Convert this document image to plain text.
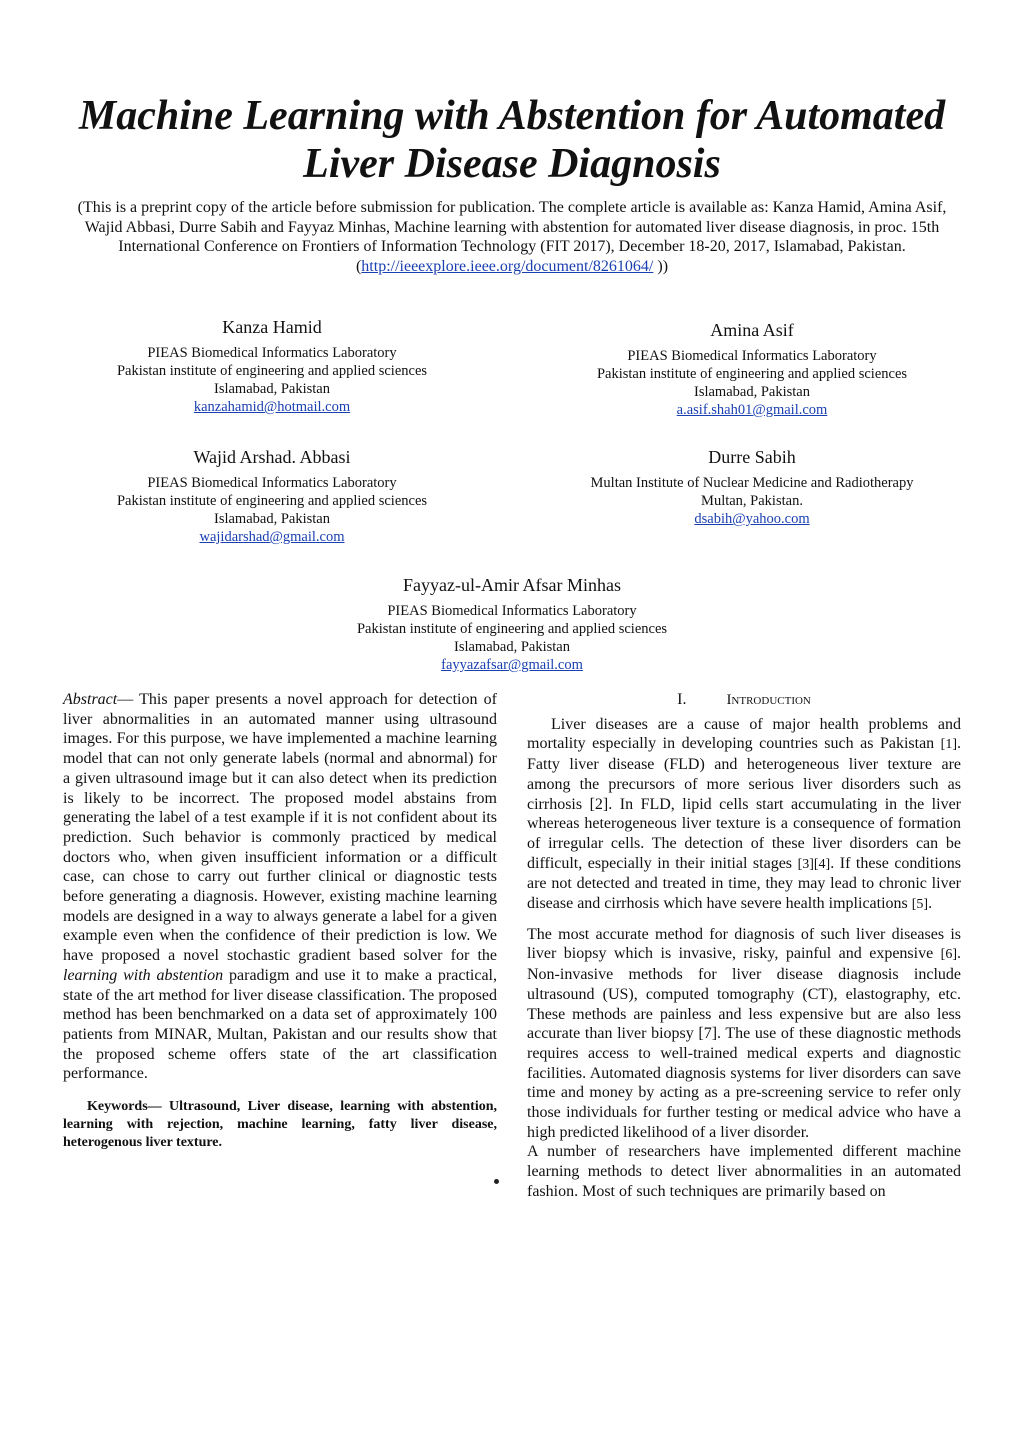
Machine Learning with Abstention for Automated
Liver Disease Diagnosis
(This is a preprint copy of the article before submission for publication. The complete article is available as: Kanza Hamid, Amina Asif, Wajid Abbasi, Durre Sabih and Fayyaz Minhas, Machine learning with abstention for automated liver disease diagnosis, in proc. 15th International Conference on Frontiers of Information Technology (FIT 2017), December 18-20, 2017, Islamabad, Pakistan.(http://ieeexplore.ieee.org/document/8261064/ ))
Kanza Hamid
PIEAS Biomedical Informatics Laboratory
Pakistan institute of engineering and applied sciences
Islamabad, Pakistan
kanzahamid@hotmail.com
Amina Asif
PIEAS Biomedical Informatics Laboratory
Pakistan institute of engineering and applied sciences
Islamabad, Pakistan
a.asif.shah01@gmail.com
Wajid Arshad. Abbasi
PIEAS Biomedical Informatics Laboratory
Pakistan institute of engineering and applied sciences
Islamabad, Pakistan
wajidarshad@gmail.com
Durre Sabih
Multan Institute of Nuclear Medicine and Radiotherapy
Multan, Pakistan.
dsabih@yahoo.com
Fayyaz-ul-Amir Afsar Minhas
PIEAS Biomedical Informatics Laboratory
Pakistan institute of engineering and applied sciences
Islamabad, Pakistan
fayyazafsar@gmail.com
Abstract— This paper presents a novel approach for detection of liver abnormalities in an automated manner using ultrasound images. For this purpose, we have implemented a machine learning model that can not only generate labels (normal and abnormal) for a given ultrasound image but it can also detect when its prediction is likely to be incorrect. The proposed model abstains from generating the label of a test example if it is not confident about its prediction. Such behavior is commonly practiced by medical doctors who, when given insufficient information or a difficult case, can chose to carry out further clinical or diagnostic tests before generating a diagnosis. However, existing machine learning models are designed in a way to always generate a label for a given example even when the confidence of their prediction is low. We have proposed a novel stochastic gradient based solver for the learning with abstention paradigm and use it to make a practical, state of the art method for liver disease classification. The proposed method has been benchmarked on a data set of approximately 100 patients from MINAR, Multan, Pakistan and our results show that the proposed scheme offers state of the art classification performance.
Keywords— Ultrasound, Liver disease, learning with abstention, learning with rejection, machine learning, fatty liver disease, heterogenous liver texture.
I.	Introduction
Liver diseases are a cause of major health problems and mortality especially in developing countries such as Pakistan [1]. Fatty liver disease (FLD) and heterogeneous liver texture are among the precursors of more serious liver disorders such as cirrhosis [2]. In FLD, lipid cells start accumulating in the liver whereas heterogeneous liver texture is a consequence of formation of irregular cells. The detection of these liver disorders can be difficult, especially in their initial stages [3][4]. If these conditions are not detected and treated in time, they may lead to chronic liver disease and cirrhosis which have severe health implications [5].
The most accurate method for diagnosis of such liver diseases is liver biopsy which is invasive, risky, painful and expensive [6]. Non-invasive methods for liver disease diagnosis include ultrasound (US), computed tomography (CT), elastography, etc. These methods are painless and less expensive but are also less accurate than liver biopsy [7]. The use of these diagnostic methods requires access to well-trained medical experts and diagnostic facilities. Automated diagnosis systems for liver disorders can save time and money by acting as a pre-screening service to refer only those individuals for further testing or medical advice who have a high predicted likelihood of a liver disorder.
A number of researchers have implemented different machine learning methods to detect liver abnormalities in an automated fashion. Most of such techniques are primarily based on
